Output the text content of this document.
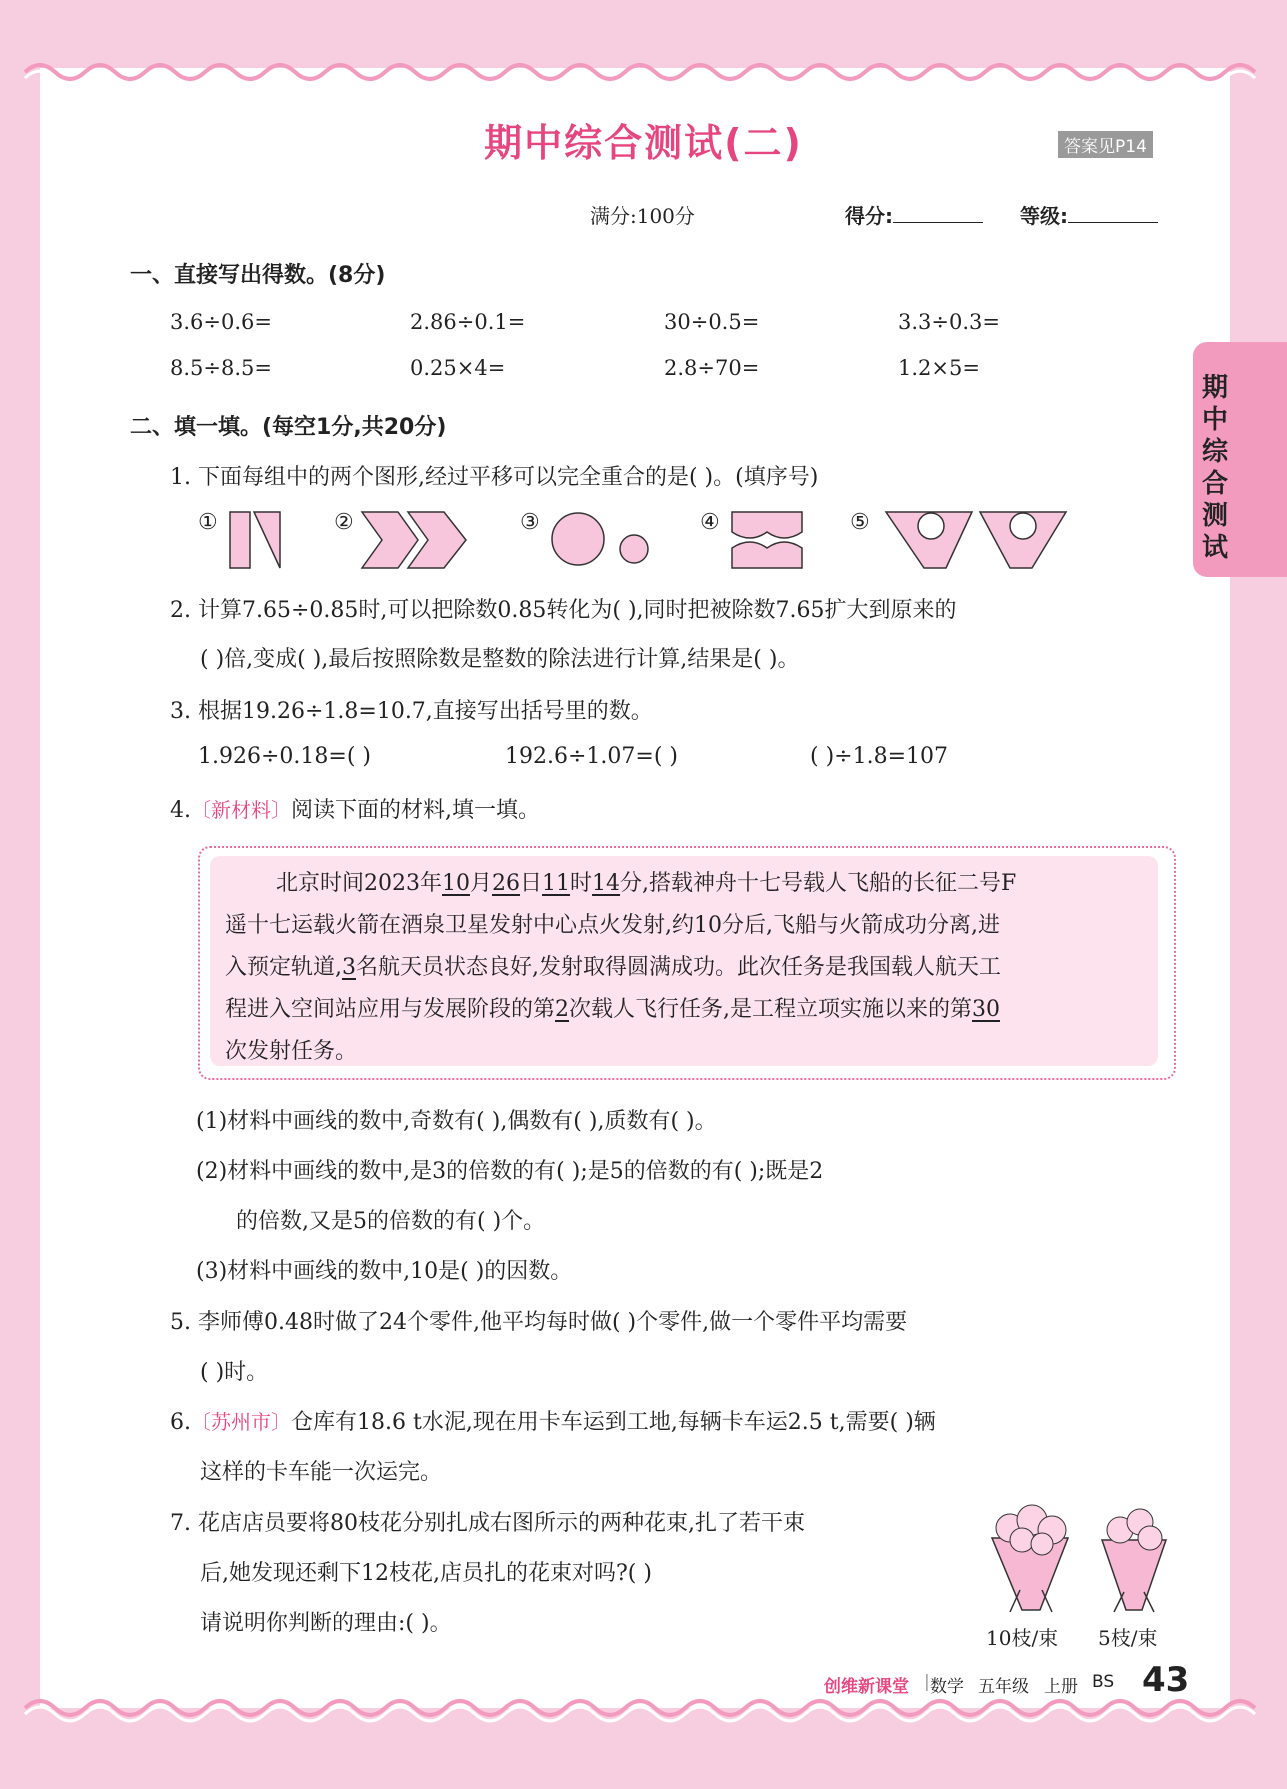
期中综合测试(二)	答案见P14
满分:100分	得分:	等级:
期中综合测试
一、直接写出得数。(8分)
3.6÷0.6=	2.86÷0.1=	30÷0.5=	3.3÷0.3=
8.5÷8.5=	0.25×4=	2.8÷70=	1.2×5=
二、填一填。(每空1分,共20分)
1. 下面每组中的两个图形,经过平移可以完全重合的是( )。(填序号)
①	②	③	④	⑤
2. 计算7.65÷0.85时,可以把除数0.85转化为( ),同时把被除数7.65扩大到原来的
( )倍,变成( ),最后按照除数是整数的除法进行计算,结果是( )。
3. 根据19.26÷1.8=10.7,直接写出括号里的数。
1.926÷0.18=( )	192.6÷1.07=( )	( )÷1.8=107
4.〔新材料〕阅读下面的材料,填一填。
北京时间2023年10月26日11时14分,搭载神舟十七号载人飞船的长征二号F
遥十七运载火箭在酒泉卫星发射中心点火发射,约10分后,飞船与火箭成功分离,进
入预定轨道,3名航天员状态良好,发射取得圆满成功。此次任务是我国载人航天工
程进入空间站应用与发展阶段的第2次载人飞行任务,是工程立项实施以来的第30
次发射任务。
(1)材料中画线的数中,奇数有( ),偶数有( ),质数有( )。
(2)材料中画线的数中,是3的倍数的有( );是5的倍数的有( );既是2
的倍数,又是5的倍数的有( )个。
(3)材料中画线的数中,10是( )的因数。
5. 李师傅0.48时做了24个零件,他平均每时做( )个零件,做一个零件平均需要
( )时。
6.〔苏州市〕仓库有18.6 t水泥,现在用卡车运到工地,每辆卡车运2.5 t,需要( )辆
这样的卡车能一次运完。
7. 花店店员要将80枝花分别扎成右图所示的两种花束,扎了若干束
后,她发现还剩下12枝花,店员扎的花束对吗?( )
请说明你判断的理由:( )。
10枝/束 5枝/束
创维新课堂 | 数学 五年级 上册 BS 43
